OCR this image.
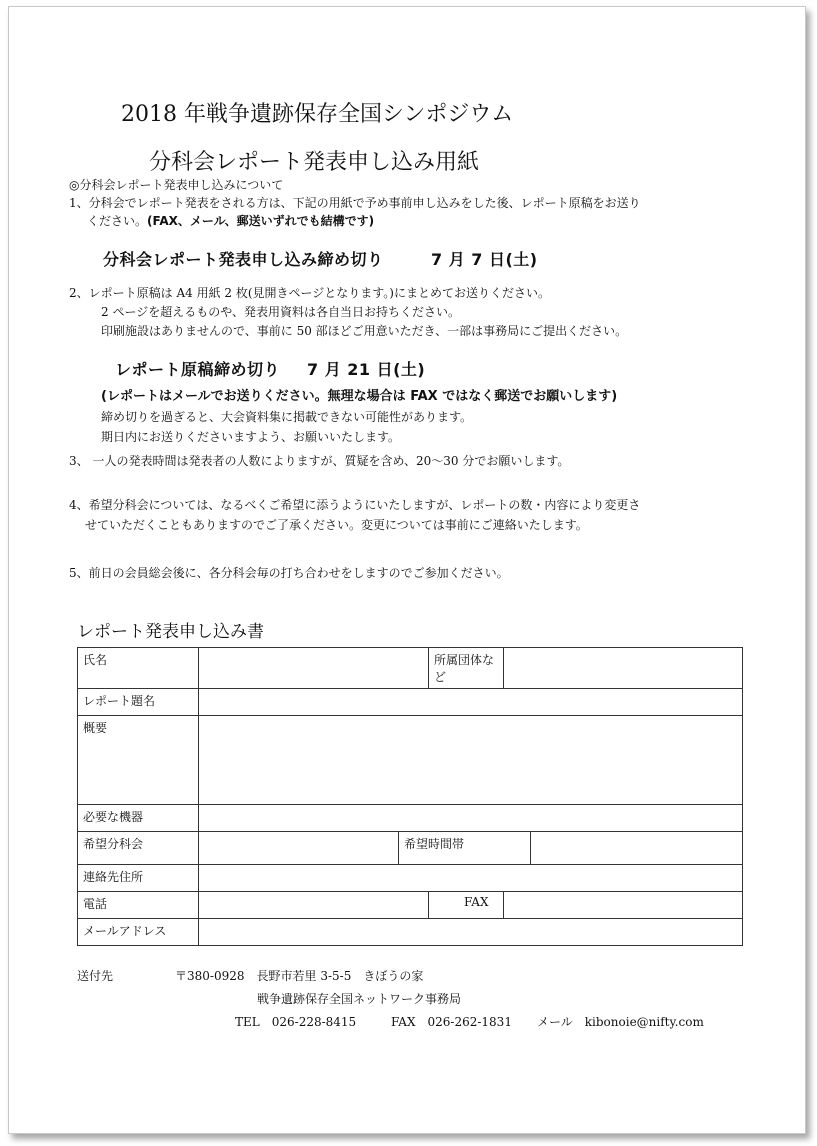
2018 年戦争遺跡保存全国シンポジウム
分科会レポート発表申し込み用紙
◎分科会レポート発表申し込みについて
1、分科会でレポート発表をされる方は、下記の用紙で予め事前申し込みをした後、レポート原稿をお送り
ください。(FAX、メール、郵送いずれでも結構です)
分科会レポート発表申し込み締め切り	7 月 7 日(土)
2、レポート原稿は A4 用紙 2 枚(見開きページとなります。)にまとめてお送りください。
2 ページを超えるものや、発表用資料は各自当日お持ちください。
印刷施設はありませんので、事前に 50 部ほどご用意いただき、一部は事務局にご提出ください。
レポート原稿締め切り 7 月 21 日(土)
(レポートはメールでお送りください。無理な場合は FAX ではなく郵送でお願いします)
締め切りを過ぎると、大会資料集に掲載できない可能性があります。
期日内にお送りくださいますよう、お願いいたします。
3、 一人の発表時間は発表者の人数によりますが、質疑を含め、20〜30 分でお願いします。
4、希望分科会については、なるべくご希望に添うようにいたしますが、レポートの数・内容により変更さ
せていただくこともありますのでご了承ください。変更については事前にご連絡いたします。
5、前日の会員総会後に、各分科会毎の打ち合わせをしますのでご参加ください。
レポート発表申し込み書
氏名			所属団体など		
レポート題名					
概要					
必要な機器					
希望分科会		希望時間帯			
連絡先住所					
電話			FAX		
メールアドレス					
送付先	〒380-0928　長野市若里 3-5-5　きぼうの家
戦争遺跡保存全国ネットワーク事務局
TEL　026-228-8415	FAX　026-262-1831 メール　kibonoie@nifty.com
